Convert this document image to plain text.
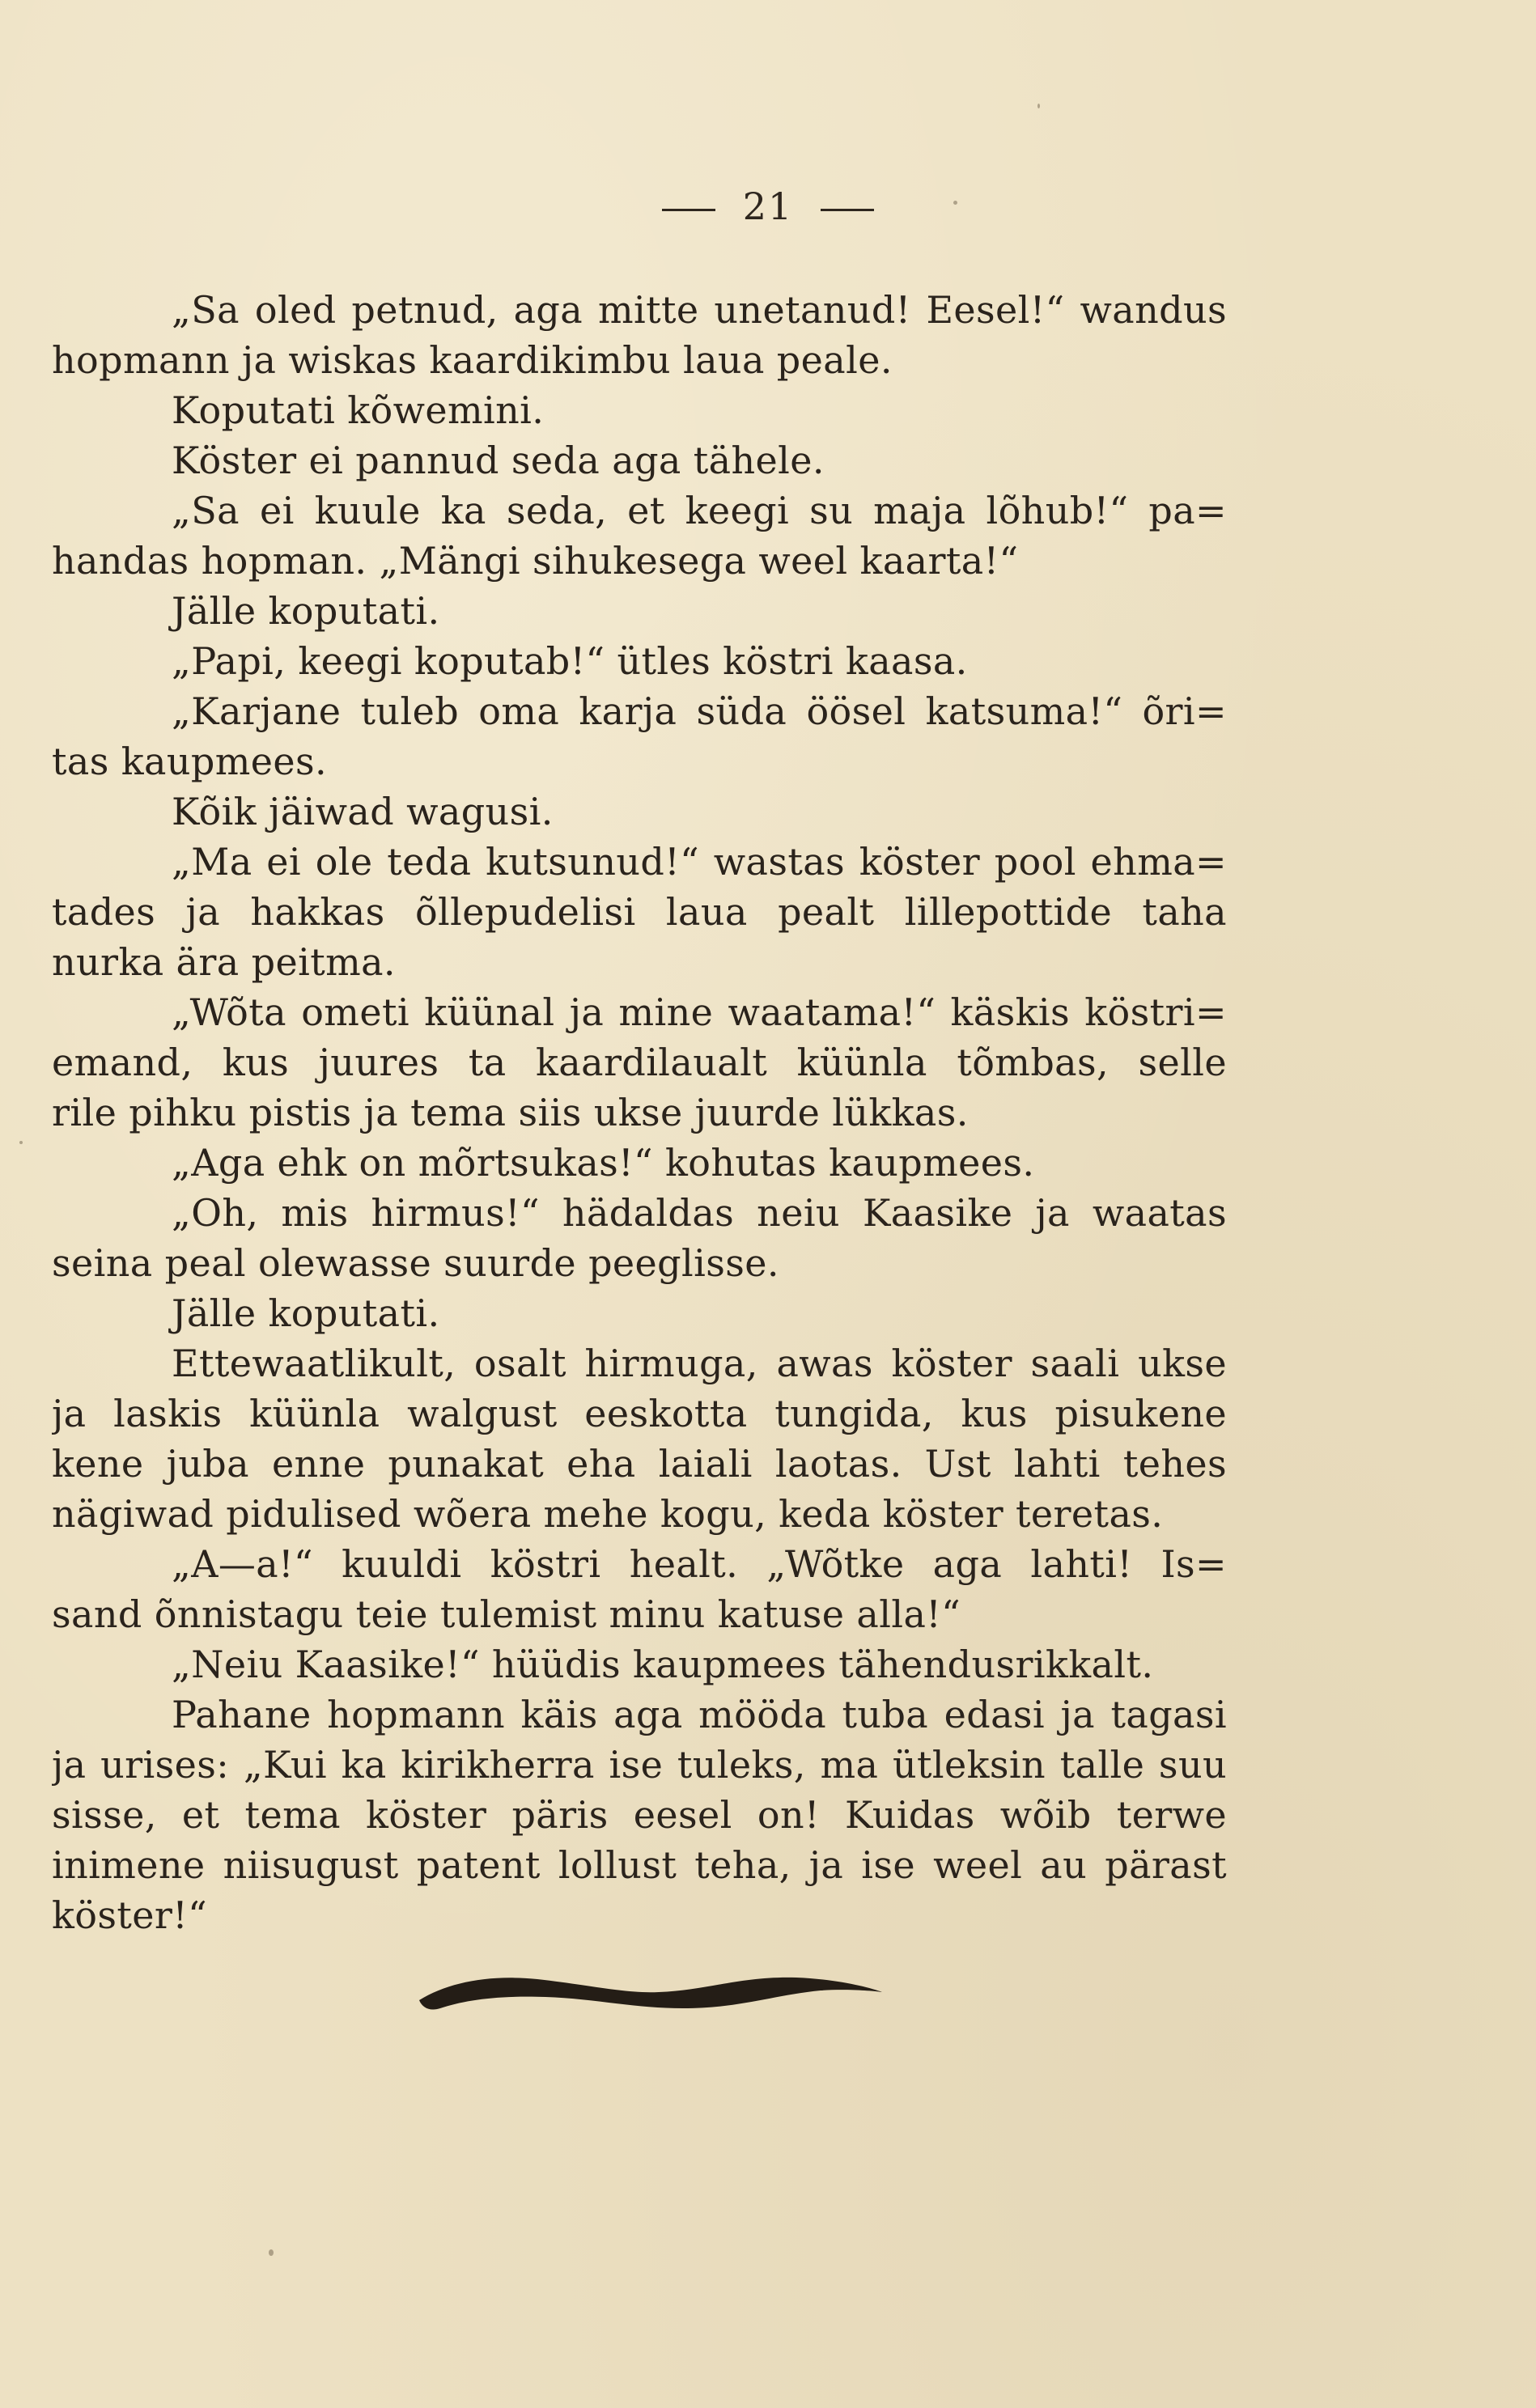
21
„Sa oled petnud, aga mitte unetanud! Eesel!“ wandus
hopmann ja wiskas kaardikimbu laua peale.
Koputati kõwemini.
Köster ei pannud seda aga tähele.
„Sa ei kuule ka seda, et keegi su maja lõhub!“ pa=
handas hopman. „Mängi sihukesega weel kaarta!“
Jälle koputati.
„Papi, keegi koputab!“ ütles köstri kaasa.
„Karjane tuleb oma karja süda öösel katsuma!“ õri=
tas kaupmees.
Kõik jäiwad wagusi.
„Ma ei ole teda kutsunud!“ wastas köster pool ehma=
tades ja hakkas õllepudelisi laua pealt lillepottide taha
nurka ära peitma.
„Wõta ometi küünal ja mine waatama!“ käskis köstri=
emand, kus juures ta kaardilaualt küünla tõmbas, selle
rile pihku pistis ja tema siis ukse juurde lükkas.
„Aga ehk on mõrtsukas!“ kohutas kaupmees.
„Oh, mis hirmus!“ hädaldas neiu Kaasike ja waatas
seina peal olewasse suurde peeglisse.
Jälle koputati.
Ettewaatlikult, osalt hirmuga, awas köster saali ukse
ja laskis küünla walgust eeskotta tungida, kus pisukene
kene juba enne punakat eha laiali laotas. Ust lahti tehes
nägiwad pidulised wõera mehe kogu, keda köster teretas.
„A—a!“ kuuldi köstri healt. „Wõtke aga lahti! Is=
sand õnnistagu teie tulemist minu katuse alla!“
„Neiu Kaasike!“ hüüdis kaupmees tähendusrikkalt.
Pahane hopmann käis aga mööda tuba edasi ja tagasi
ja urises: „Kui ka kirikherra ise tuleks, ma ütleksin talle suu
sisse, et tema köster päris eesel on! Kuidas wõib terwe
inimene niisugust patent lollust teha, ja ise weel au pärast
köster!“
